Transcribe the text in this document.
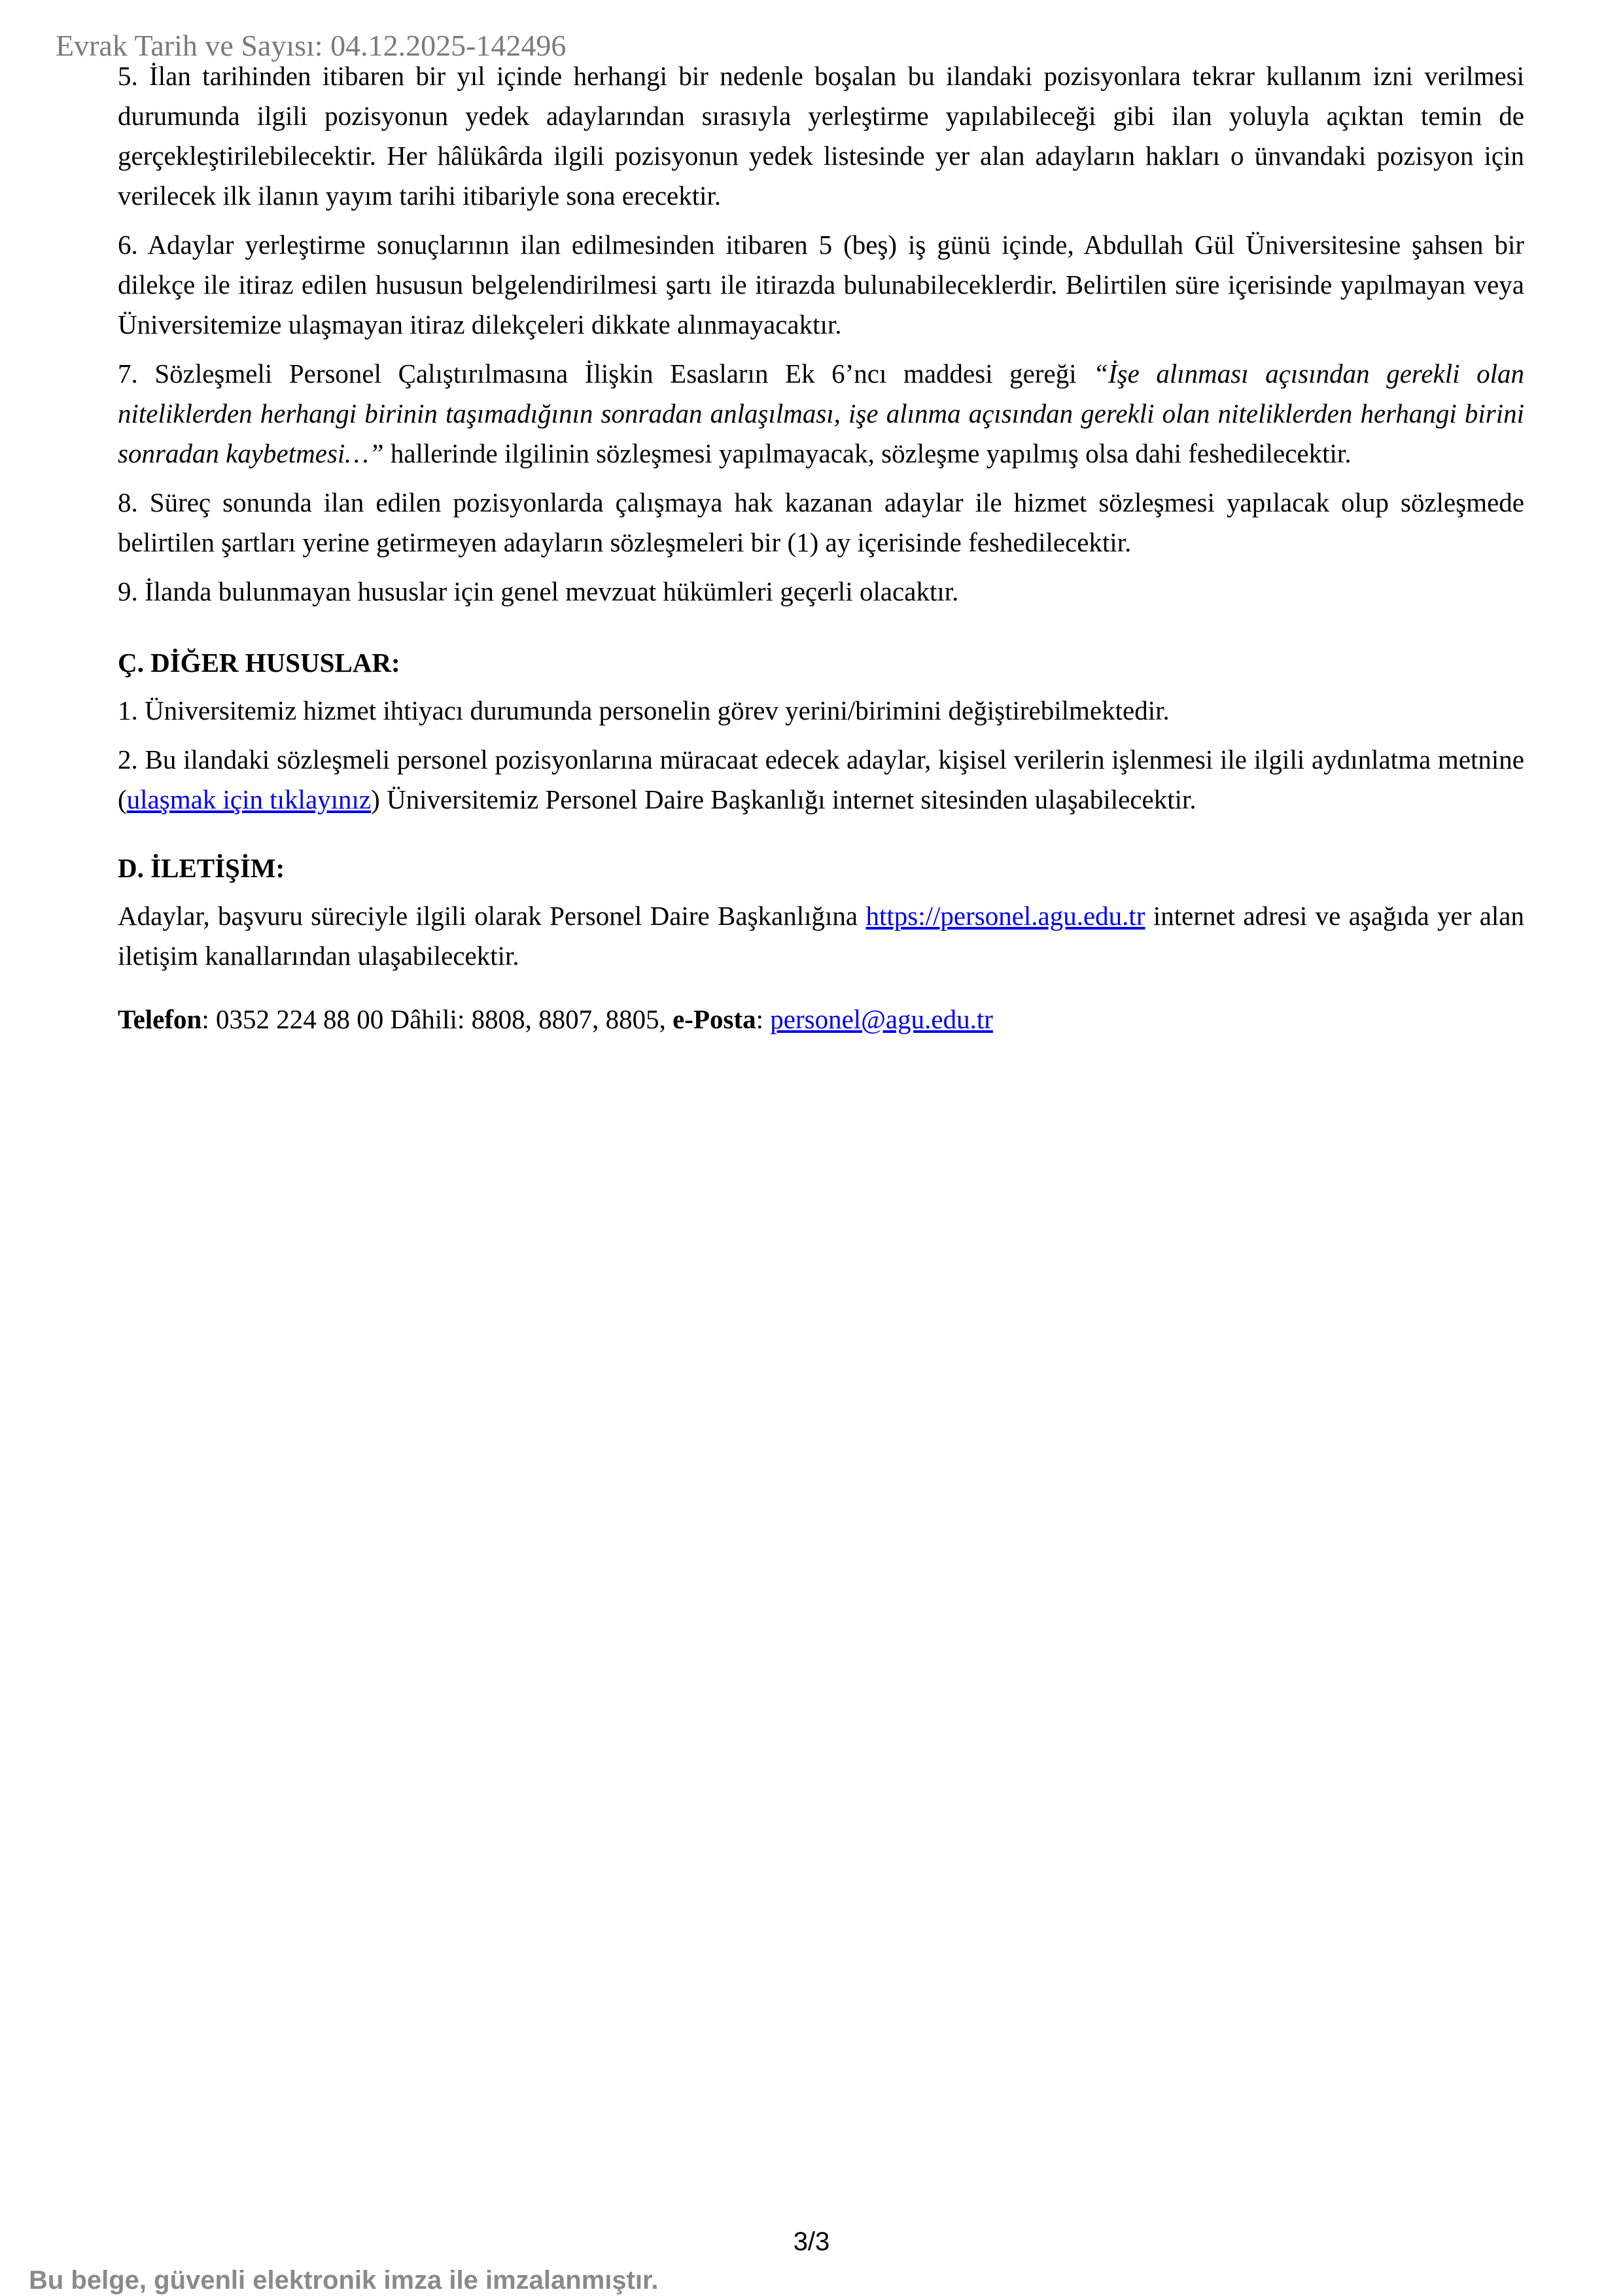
Evrak Tarih ve Sayısı: 04.12.2025-142496

5. İlan tarihinden itibaren bir yıl içinde herhangi bir nedenle boşalan bu ilandaki pozisyonlara tekrar kullanım izni verilmesi durumunda ilgili pozisyonun yedek adaylarından sırasıyla yerleştirme yapılabileceği gibi ilan yoluyla açıktan temin de gerçekleştirilebilecektir. Her hâlükârda ilgili pozisyonun yedek listesinde yer alan adayların hakları o ünvandaki pozisyon için verilecek ilk ilanın yayım tarihi itibariyle sona erecektir.

6. Adaylar yerleştirme sonuçlarının ilan edilmesinden itibaren 5 (beş) iş günü içinde, Abdullah Gül Üniversitesine şahsen bir dilekçe ile itiraz edilen hususun belgelendirilmesi şartı ile itirazda bulunabileceklerdir. Belirtilen süre içerisinde yapılmayan veya Üniversitemize ulaşmayan itiraz dilekçeleri dikkate alınmayacaktır.

7. Sözleşmeli Personel Çalıştırılmasına İlişkin Esasların Ek 6’ncı maddesi gereği “İşe alınması açısından gerekli olan niteliklerden herhangi birinin taşımadığının sonradan anlaşılması, işe alınma açısından gerekli olan niteliklerden herhangi birini sonradan kaybetmesi…” hallerinde ilgilinin sözleşmesi yapılmayacak, sözleşme yapılmış olsa dahi feshedilecektir.

8. Süreç sonunda ilan edilen pozisyonlarda çalışmaya hak kazanan adaylar ile hizmet sözleşmesi yapılacak olup sözleşmede belirtilen şartları yerine getirmeyen adayların sözleşmeleri bir (1) ay içerisinde feshedilecektir.

9. İlanda bulunmayan hususlar için genel mevzuat hükümleri geçerli olacaktır.

Ç. DİĞER HUSUSLAR:

1. Üniversitemiz hizmet ihtiyacı durumunda personelin görev yerini/birimini değiştirebilmektedir.

2. Bu ilandaki sözleşmeli personel pozisyonlarına müracaat edecek adaylar, kişisel verilerin işlenmesi ile ilgili aydınlatma metnine (ulaşmak için tıklayınız) Üniversitemiz Personel Daire Başkanlığı internet sitesinden ulaşabilecektir.

D. İLETİŞİM:

Adaylar, başvuru süreciyle ilgili olarak Personel Daire Başkanlığına https://personel.agu.edu.tr internet adresi ve aşağıda yer alan iletişim kanallarından ulaşabilecektir.

Telefon: 0352 224 88 00 Dâhili: 8808, 8807, 8805, e-Posta: personel@agu.edu.tr

3/3
Bu belge, güvenli elektronik imza ile imzalanmıştır.
